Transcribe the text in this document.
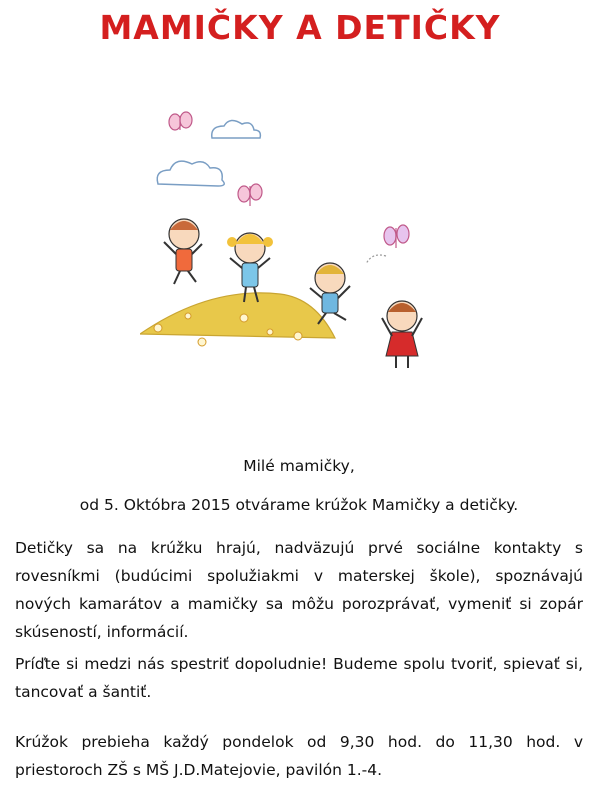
MAMIČKY A DETIČKY

Milé mamičky,

od 5. Októbra 2015 otvárame krúžok Mamičky a detičky.

Detičky sa na krúžku hrajú, nadväzujú prvé sociálne kontakty s rovesníkmi (budúcimi spolužiakmi v materskej škole), spoznávajú nových kamarátov a mamičky sa môžu porozprávať, vymeniť si zopár skúseností, informácií.

Príďte si medzi nás spestriť dopoludnie! Budeme spolu tvoriť, spievať si, tancovať a šantiť.

Krúžok prebieha každý pondelok od 9,30 hod. do 11,30 hod. v priestoroch ZŠ s MŠ J.D.Matejovie, pavilón 1.-4.
